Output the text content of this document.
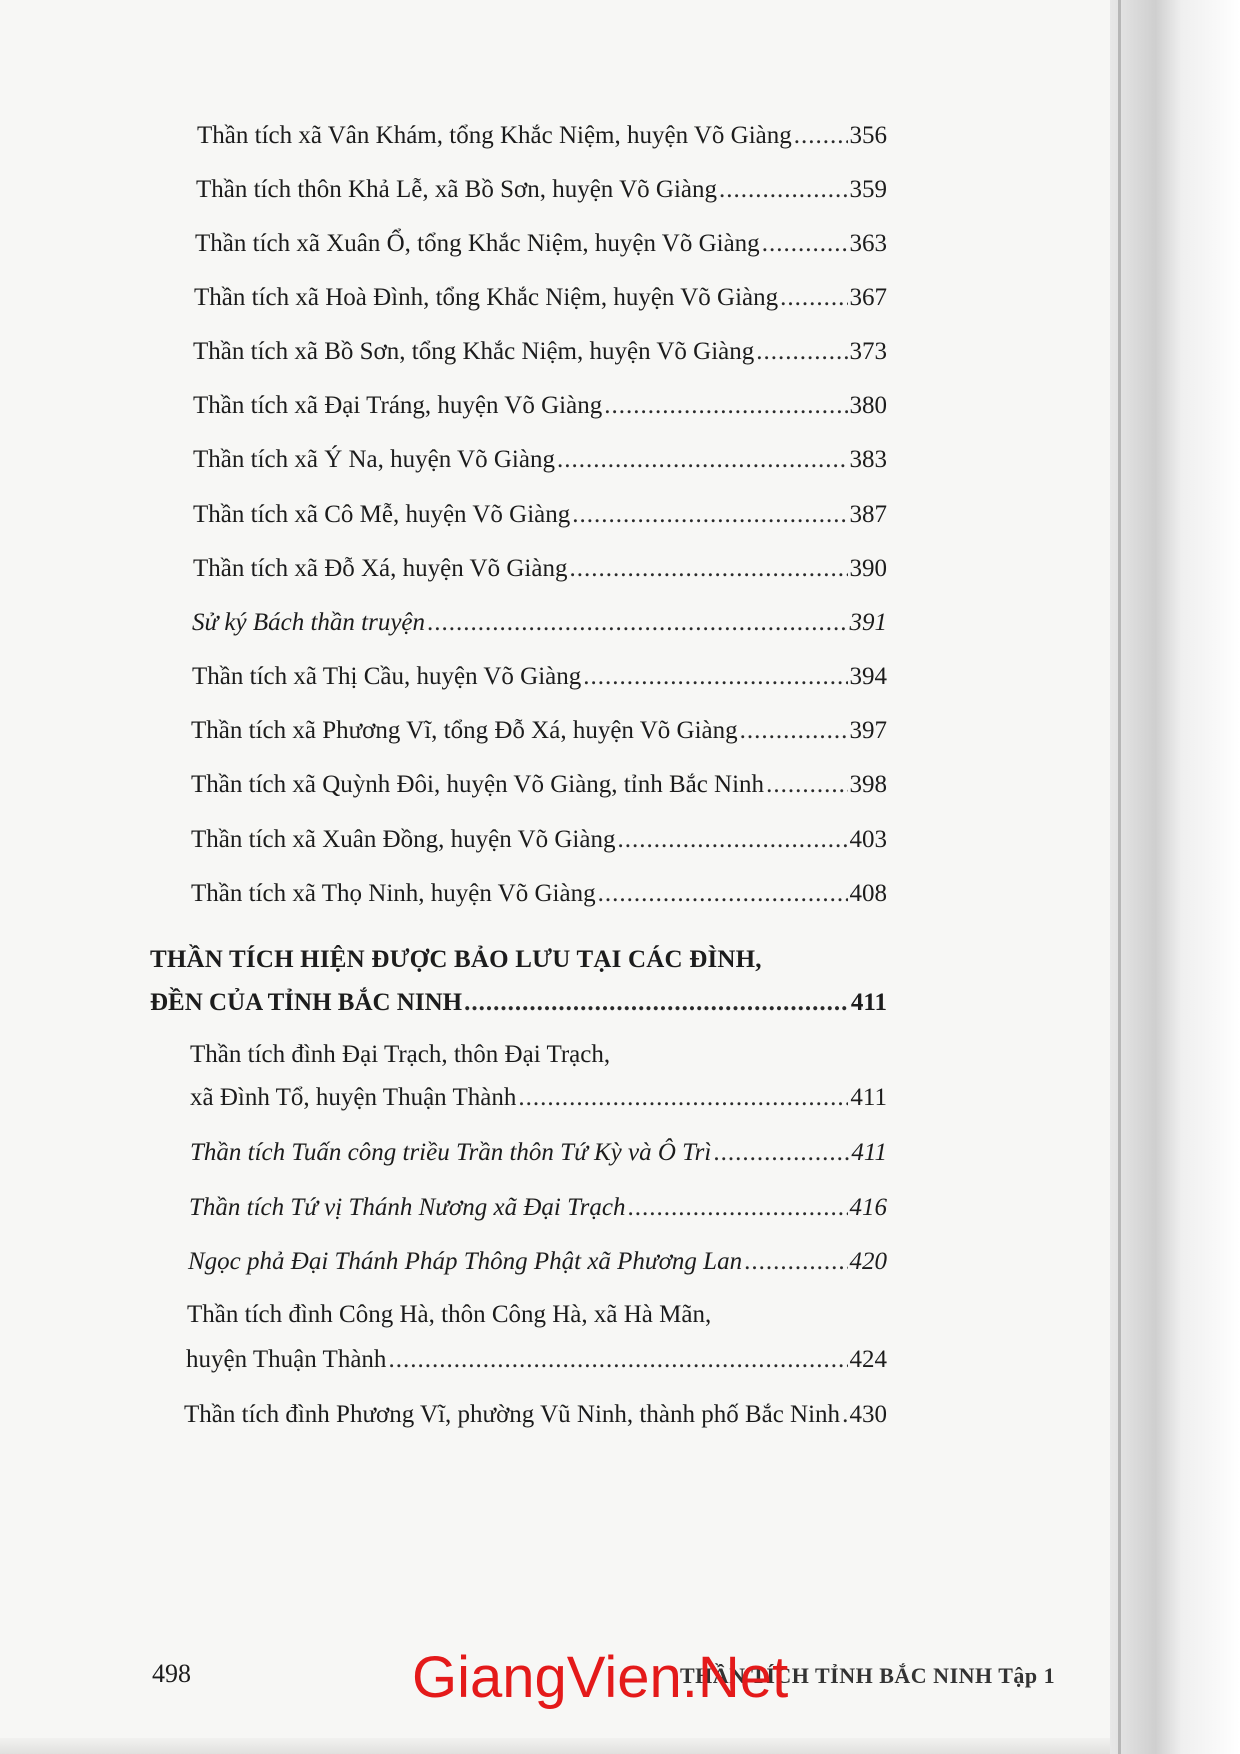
Thần tích xã Vân Khám, tổng Khắc Niệm, huyện Võ Giàng ..... 356
Thần tích thôn Khả Lễ, xã Bồ Sơn, huyện Võ Giàng .....	359
Thần tích xã Xuân Ổ, tổng Khắc Niệm, huyện Võ Giàng .....	363
Thần tích xã Hoà Đình, tổng Khắc Niệm, huyện Võ Giàng .....	367
Thần tích xã Bồ Sơn, tổng Khắc Niệm, huyện Võ Giàng .....	373
Thần tích xã Đại Tráng, huyện Võ Giàng .....	380
Thần tích xã Ý Na, huyện Võ Giàng .....	383
Thần tích xã Cô Mễ, huyện Võ Giàng .....	387
Thần tích xã Đỗ Xá, huyện Võ Giàng .....	390
Sử ký Bách thần truyện .....	391
Thần tích xã Thị Cầu, huyện Võ Giàng .....	394
Thần tích xã Phương Vĩ, tổng Đỗ Xá, huyện Võ Giàng .....	397
Thần tích xã Quỳnh Đôi, huyện Võ Giàng, tỉnh Bắc Ninh .....	398
Thần tích xã Xuân Đồng, huyện Võ Giàng .....	403
Thần tích xã Thọ Ninh, huyện Võ Giàng .....	408
THẦN TÍCH HIỆN ĐƯỢC BẢO LƯU TẠI CÁC ĐÌNH,
ĐỀN CỦA TỈNH BẮC NINH .....	411
Thần tích đình Đại Trạch, thôn Đại Trạch,
xã Đình Tổ, huyện Thuận Thành .....	411
Thần tích Tuấn công triều Trần thôn Tứ Kỳ và Ô Trì .....	411
Thần tích Tứ vị Thánh Nương xã Đại Trạch .....	416
Ngọc phả Đại Thánh Pháp Thông Phật xã Phương Lan .....	420
Thần tích đình Công Hà, thôn Công Hà, xã Hà Mãn,
huyện Thuận Thành .....	424
Thần tích đình Phương Vĩ, phường Vũ Ninh, thành phố Bắc Ninh ..... 430
498	THẦN TÍCH TỈNH BẮC NINH Tập 1
GiangVien.Net
